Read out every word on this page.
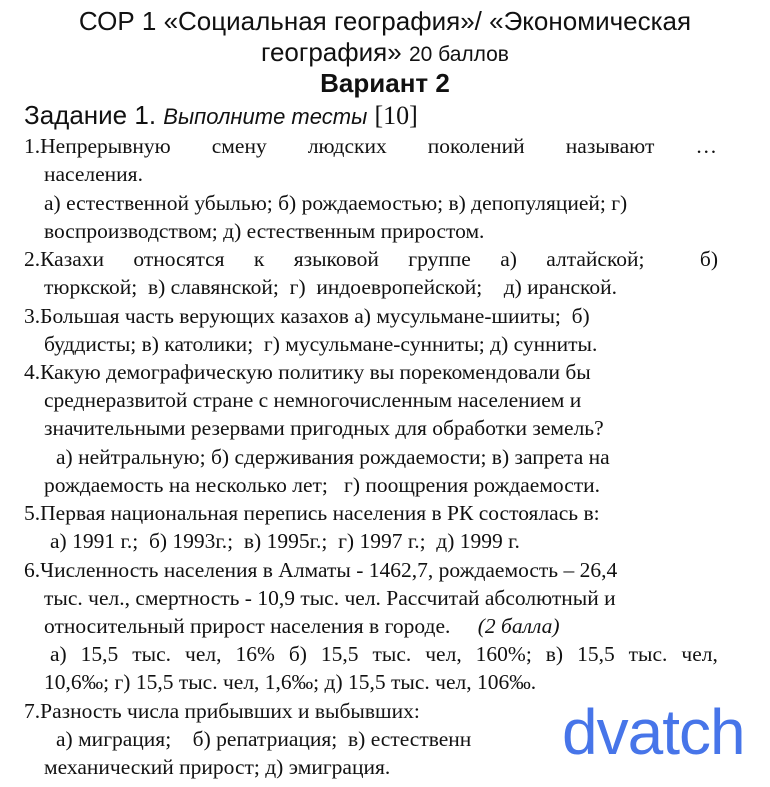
СОР 1 «Социальная география»/ «Экономическая
география» 20 баллов
Вариант 2
Задание 1. Выполните тесты [10]
1.Непрерывную смену людских поколений называют …
населения.
а) естественной убылью; б) рождаемостью; в) депопуляцией; г)
воспроизводством; д) естественным приростом.
2.Казахи относятся к языковой группе а) алтайской;	б)
тюркской;  в) славянской;  г)  индоевропейской;    д) иранской.
3.Большая часть верующих казахов а) мусульмане-шииты;  б)
буддисты; в) католики;  г) мусульмане-сунниты; д) сунниты.
4.Какую демографическую политику вы порекомендовали бы
среднеразвитой стране с немногочисленным населением и
значительными резервами пригодных для обработки земель?
а) нейтральную; б) сдерживания рождаемости; в) запрета на
рождаемость на несколько лет;   г) поощрения рождаемости.
5.Первая национальная перепись населения в РК состоялась в:
а) 1991 г.;  б) 1993г.;  в) 1995г.;  г) 1997 г.;  д) 1999 г.
6.Численность населения в Алматы - 1462,7, рождаемость – 26,4
тыс. чел., смертность - 10,9 тыс. чел. Рассчитай абсолютный и
относительный прирост населения в городе. (2 балла)
а) 15,5 тыс. чел, 16% б) 15,5 тыс. чел, 160%; в) 15,5 тыс. чел,
10,6‰; г) 15,5 тыс. чел, 1,6‰; д) 15,5 тыс. чел, 106‰.
7.Разность числа прибывших и выбывших:
а) миграция;    б) репатриация;  в) естественн
механический прирост; д) эмиграция.	dvatch
